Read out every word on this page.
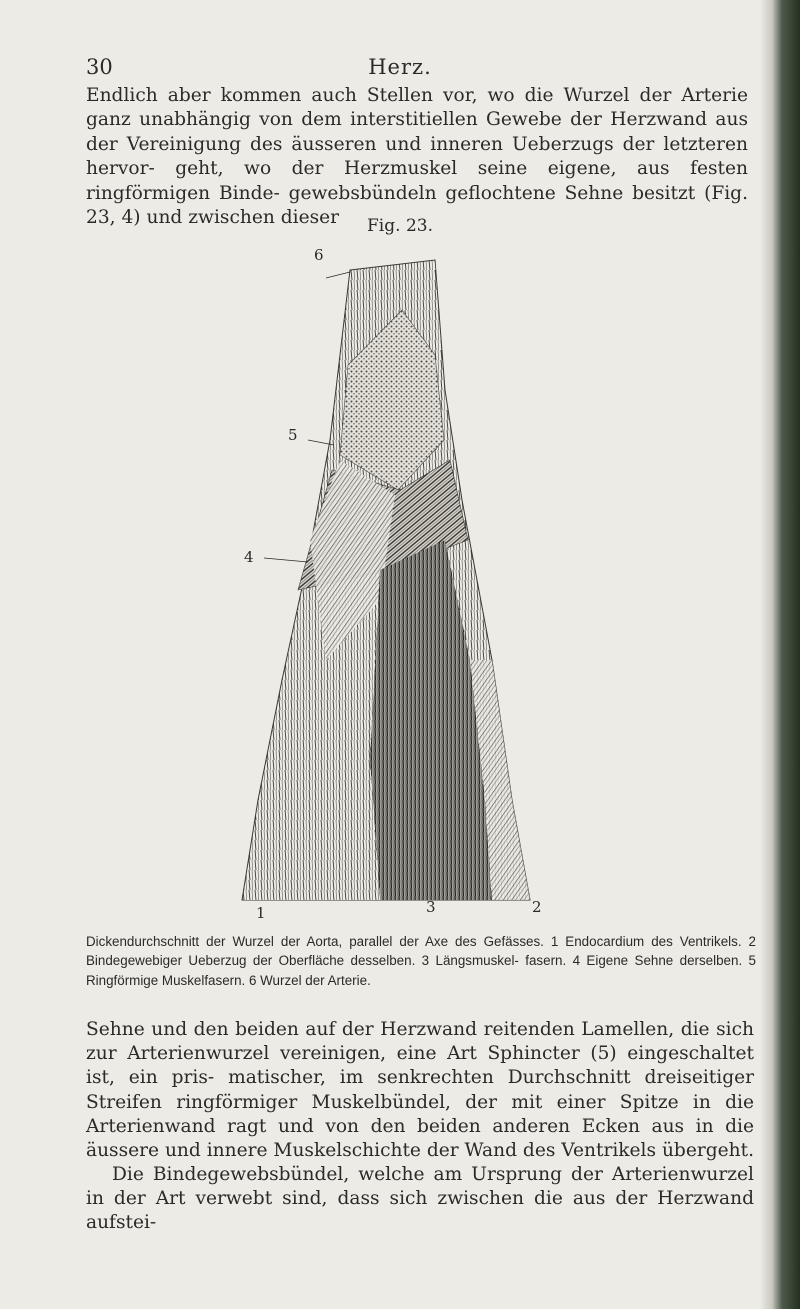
30	Herz.

Endlich aber kommen auch Stellen vor, wo die Wurzel der Arterie ganz unabhängig von dem interstitiellen Gewebe der Herzwand aus der Vereinigung des äusseren und inneren Ueberzugs der letzteren hervor- geht, wo der Herzmuskel seine eigene, aus festen ringförmigen Binde- gewebsbündeln geflochtene Sehne besitzt (Fig. 23, 4) und zwischen dieser	Fig. 23.
6
5
4
1	3	2

Dickendurchschnitt der Wurzel der Aorta, parallel der Axe des Gefässes. 1 Endocardium des Ventrikels. 2 Bindegewebiger Ueberzug der Oberfläche desselben. 3 Längsmuskel- fasern. 4 Eigene Sehne derselben. 5 Ringförmige Muskelfasern. 6 Wurzel der Arterie.

Sehne und den beiden auf der Herzwand reitenden Lamellen, die sich zur Arterienwurzel vereinigen, eine Art Sphincter (5) eingeschaltet ist, ein pris- matischer, im senkrechten Durchschnitt dreiseitiger Streifen ringförmiger Muskelbündel, der mit einer Spitze in die Arterienwand ragt und von den beiden anderen Ecken aus in die äussere und innere Muskelschichte der Wand des Ventrikels übergeht.

Die Bindegewebsbündel, welche am Ursprung der Arterienwurzel in der Art verwebt sind, dass sich zwischen die aus der Herzwand aufstei-
